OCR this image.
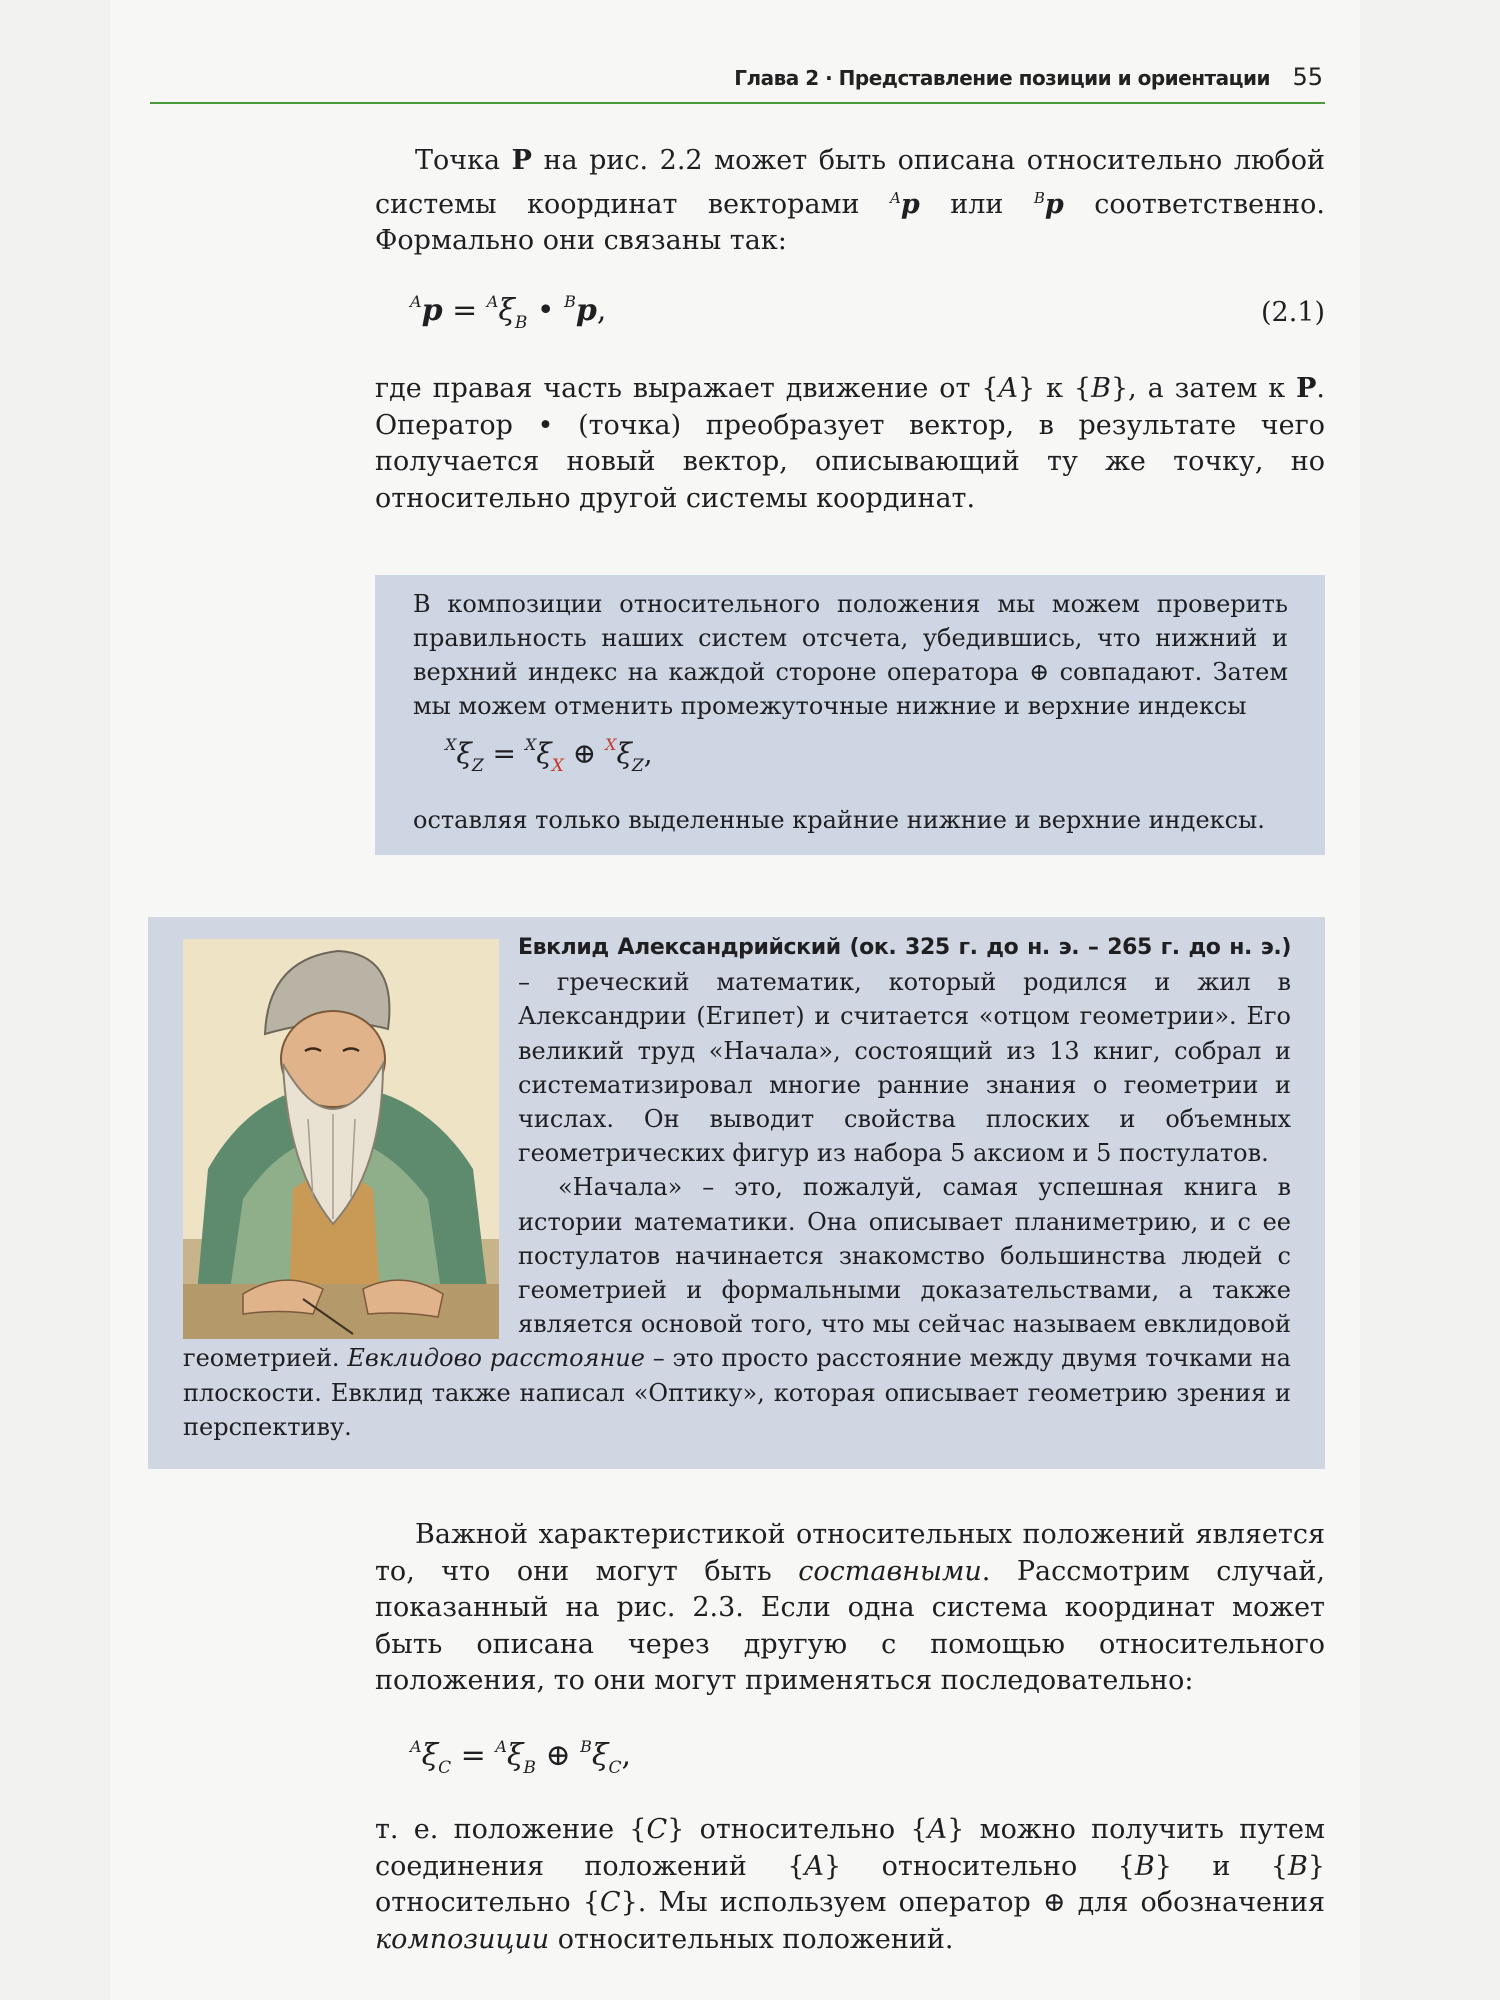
Глава 2 · Представление позиции и ориентации 55

Точка P на рис. 2.2 может быть описана относительно любой системы координат векторами $^A$p или $^B$p соответственно. Формально они связаны так:

$^Ap = ^A\xi_B$ • $^B$p,	(2.1)

где правая часть выражает движение от {A} к {B}, а затем к P. Оператор • (точка) преобразует вектор, в результате чего получается новый вектор, описывающий ту же точку, но относительно другой системы координат.

В композиции относительного положения мы можем проверить правильность наших систем отсчета, убедившись, что нижний и верхний индекс на каждой стороне оператора ⊕ совпадают. Затем мы можем отменить промежуточные нижние и верхние индексы
$^X\xi_Z = ^X\xi_X$ ⊕ $^X\xi_Z$,
оставляя только выделенные крайние нижние и верхние индексы.
Евклид Александрийский (ок. 325 г. до н. э. – 265 г. до н. э.) – греческий математик, который родился и жил в Александрии (Египет) и считается «отцом геометрии». Его великий труд «Начала», состоящий из 13 книг, собрал и систематизировал многие ранние знания о геометрии и числах. Он выводит свойства плоских и объемных геометрических фигур из набора 5 аксиом и 5 постулатов.
«Начала» – это, пожалуй, самая успешная книга в истории математики. Она описывает планиметрию, и с ее постулатов начинается знакомство большинства людей с геометрией и формальными доказательствами, а также является основой того, что мы сейчас называем евклидовой геометрией. Евклидово расстояние – это просто расстояние между двумя точками на плоскости. Евклид также написал «Оптику», которая описывает геометрию зрения и перспективу.

Важной характеристикой относительных положений является то, что они могут быть составными. Рассмотрим случай, показанный на рис. 2.3. Если одна система координат может быть описана через другую с помощью относительного положения, то они могут применяться последовательно:

$^A\xi_C = ^A\xi_B$ ⊕ $^B\xi_C$,

т. е. положение {C} относительно {A} можно получить путем соединения положений {A} относительно {B} и {B} относительно {C}. Мы используем оператор ⊕ для обозначения композиции относительных положений.
